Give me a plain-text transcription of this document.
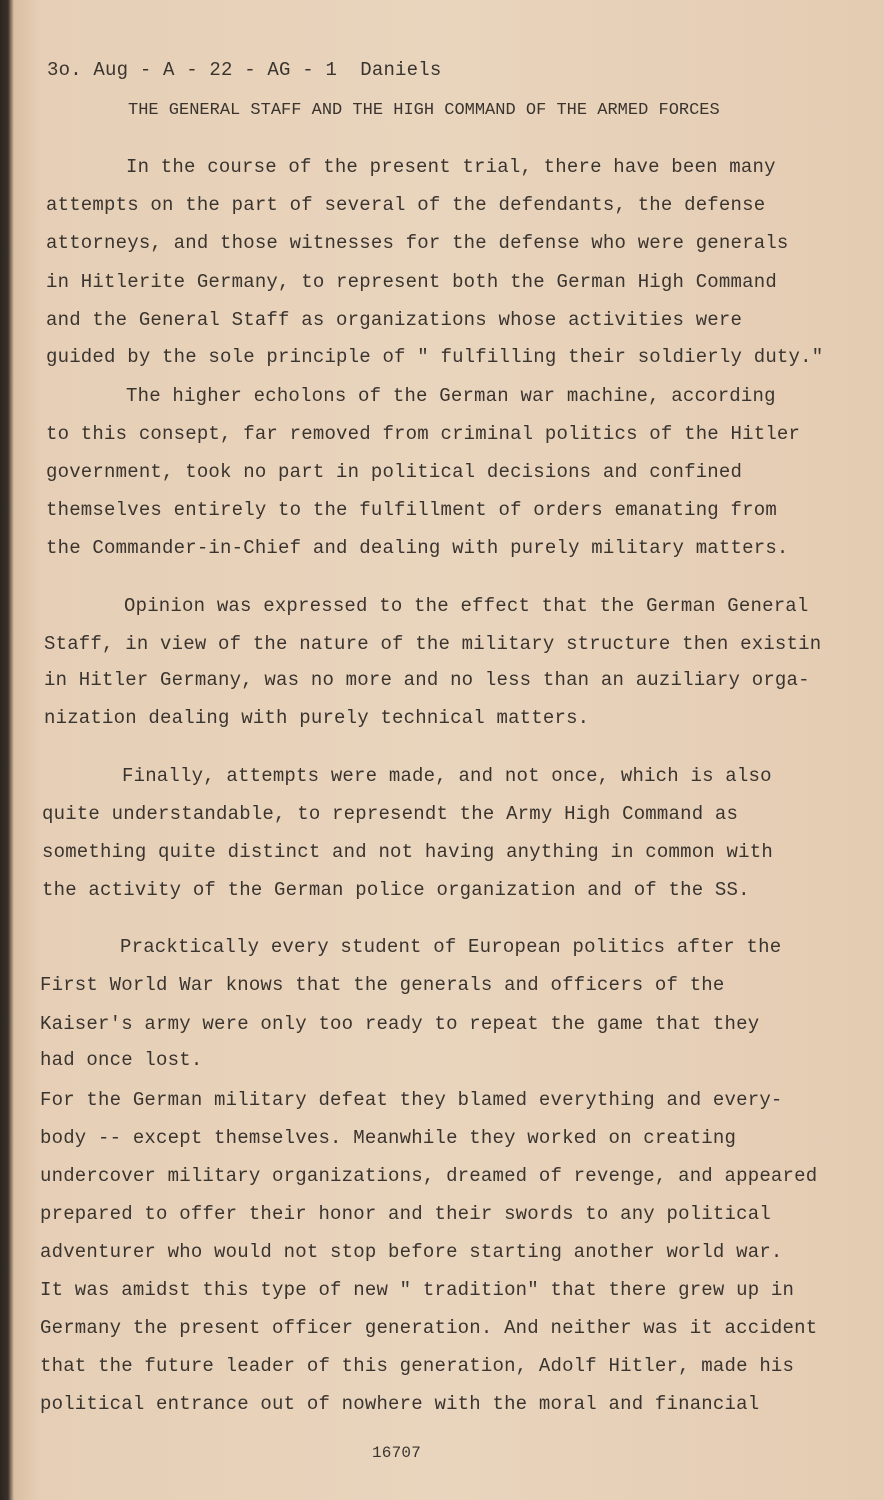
3o. Aug - A - 22 - AG - 1  Daniels
THE GENERAL STAFF AND THE HIGH COMMAND OF THE ARMED FORCES
In the course of the present trial, there have been many
attempts on the part of several of the defendants, the defense
attorneys, and those witnesses for the defense who were generals
in Hitlerite Germany, to represent both the German High Command
and the General Staff as organizations whose activities were
guided by the sole principle of " fulfilling their soldierly duty."
The higher echolons of the German war machine, according
to this consept, far removed from criminal politics of the Hitler
government, took no part in political decisions and confined
themselves entirely to the fulfillment of orders emanating from
the Commander-in-Chief and dealing with purely military matters.
Opinion was expressed to the effect that the German General
Staff, in view of the nature of the military structure then existin
in Hitler Germany, was no more and no less than an auziliary orga-
nization dealing with purely technical matters.
Finally, attempts were made, and not once, which is also
quite understandable, to represendt the Army High Command as
something quite distinct and not having anything in common with
the activity of the German police organization and of the SS.
Pracktically every student of European politics after the
First World War knows that the generals and officers of the
Kaiser's army were only too ready to repeat the game that they
had once lost.
For the German military defeat they blamed everything and every-
body -- except themselves. Meanwhile they worked on creating
undercover military organizations, dreamed of revenge, and appeared
prepared to offer their honor and their swords to any political
adventurer who would not stop before starting another world war.
It was amidst this type of new " tradition" that there grew up in
Germany the present officer generation. And neither was it accident
that the future leader of this generation, Adolf Hitler, made his
political entrance out of nowhere with the moral and financial
16707
